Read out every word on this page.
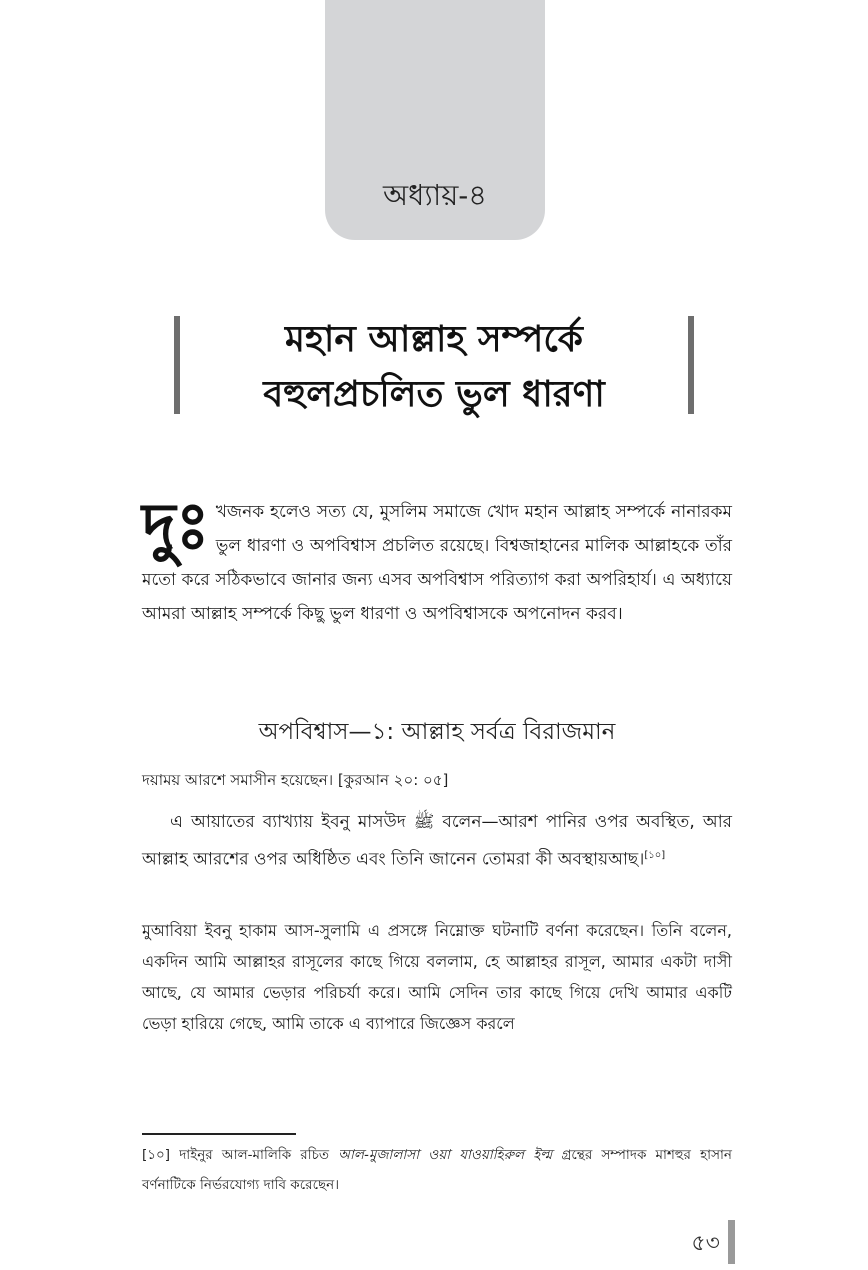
অধ্যায়-৪
মহান আল্লাহ সম্পর্কে
বহুলপ্রচলিত ভুল ধারণা
দুঃখজনক হলেও সত্য যে, মুসলিম সমাজে খোদ মহান আল্লাহ সম্পর্কে নানারকম ভুল ধারণা ও অপবিশ্বাস প্রচলিত রয়েছে। বিশ্বজাহানের মালিক আল্লাহকে তাঁর মতো করে সঠিকভাবে জানার জন্য এসব অপবিশ্বাস পরিত্যাগ করা অপরিহার্য। এ অধ্যায়ে আমরা আল্লাহ সম্পর্কে কিছু ভুল ধারণা ও অপবিশ্বাসকে অপনোদন করব।
অপবিশ্বাস—১: আল্লাহ সর্বত্র বিরাজমান
দয়াময় আরশে সমাসীন হয়েছেন। [কুরআন ২০: ০৫]
এ আয়াতের ব্যাখ্যায় ইবনু মাসউদ ﷺ বলেন—আরশ পানির ওপর অবস্থিত, আর আল্লাহ আরশের ওপর অধিষ্ঠিত এবং তিনি জানেন তোমরা কী অবস্থায়আছ।[১০]
মুআবিয়া ইবনু হাকাম আস-সুলামি এ প্রসঙ্গে নিম্নোক্ত ঘটনাটি বর্ণনা করেছেন। তিনি বলেন, একদিন আমি আল্লাহর রাসূলের কাছে গিয়ে বললাম, হে আল্লাহর রাসূল, আমার একটা দাসী আছে, যে আমার ভেড়ার পরিচর্যা করে। আমি সেদিন তার কাছে গিয়ে দেখি আমার একটি ভেড়া হারিয়ে গেছে, আমি তাকে এ ব্যাপারে জিজ্ঞেস করলে
[১০] দাইনুর আল-মালিকি রচিত আল-মুজালাসা ওয়া যাওয়াহিরুল ইল্ম গ্রন্থের সম্পাদক মাশহুর হাসান বর্ণনাটিকে নির্ভরযোগ্য দাবি করেছেন।
৫৩
